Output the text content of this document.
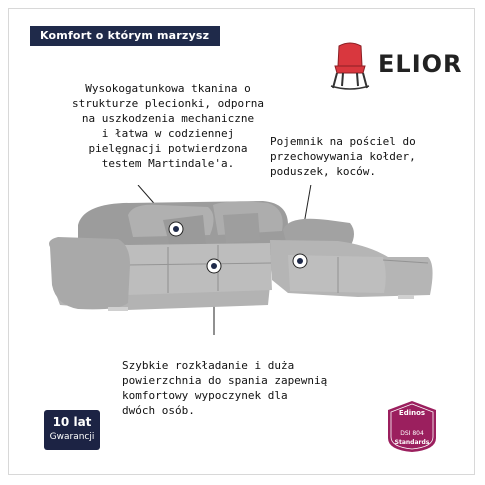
Komfort o którym marzysz
ELIOR
Wysokogatunkowa tkanina o
strukturze plecionki, odporna
na uszkodzenia mechaniczne
i łatwa w codziennej
pielęgnacji potwierdzona
testem Martindale'a.
Pojemnik na pościel do
przechowywania kołder,
poduszek, koców.
Szybkie rozkładanie i duża
powierzchnia do spania zapewnią
komfortowy wypoczynek dla
dwóch osób.
10 lat
Gwarancji
Edinos
DSI 804
Standards
